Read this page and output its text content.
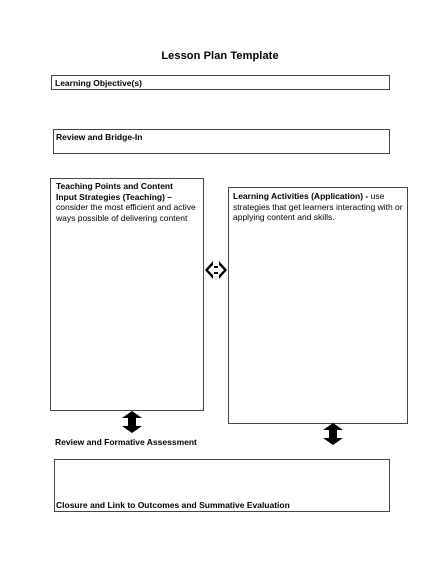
Lesson Plan Template
Learning Objective(s)
Review and Bridge-In
Teaching Points and Content Input Strategies (Teaching) – consider the most efficient and active ways possible of delivering content
Learning Activities (Application) - use strategies that get learners interacting with or applying content and skills.
Review and Formative Assessment
Closure and Link to Outcomes and Summative Evaluation
